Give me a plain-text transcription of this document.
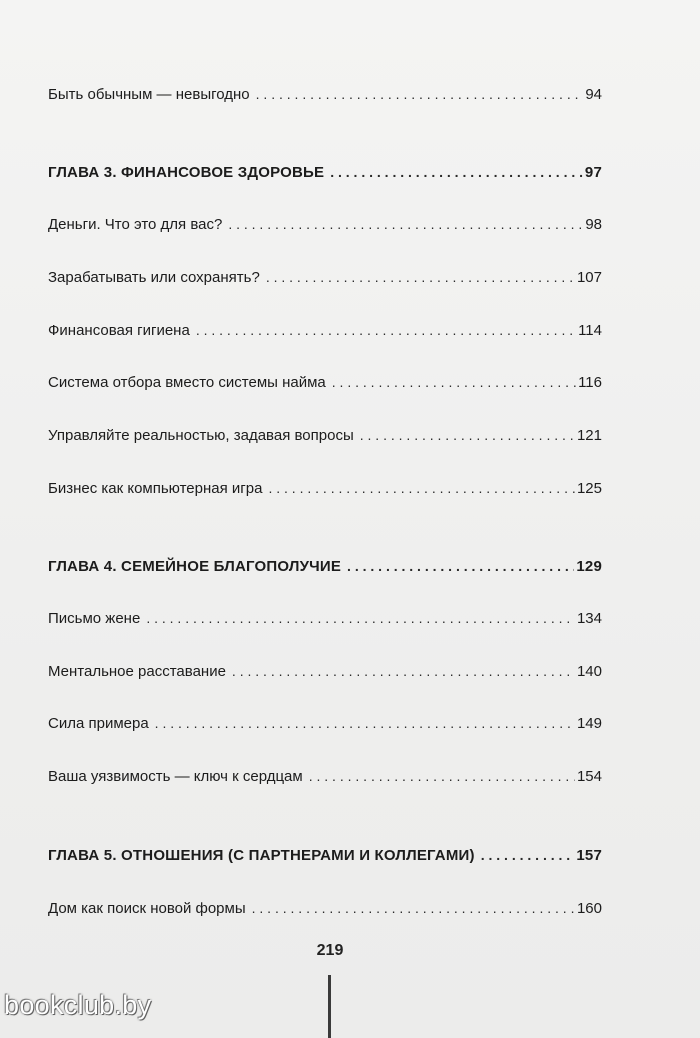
Быть обычным — невыгодно . . .	94
ГЛАВА 3. ФИНАНСОВОЕ ЗДОРОВЬЕ . . .	97
Деньги. Что это для вас? . . .	98
Зарабатывать или сохранять? . . .	107
Финансовая гигиена . . .	114
Система отбора вместо системы найма . . .	116
Управляйте реальностью, задавая вопросы . . .	121
Бизнес как компьютерная игра . . .	125
ГЛАВА 4. СЕМЕЙНОЕ БЛАГОПОЛУЧИЕ . . .	129
Письмо жене . . .	134
Ментальное расставание . . .	140
Сила примера . . .	149
Ваша уязвимость — ключ к сердцам . . .	154
ГЛАВА 5. ОТНОШЕНИЯ (С ПАРТНЕРАМИ И КОЛЛЕГАМИ) . . .	157
Дом как поиск новой формы . . .	160
219
bookclub.by
